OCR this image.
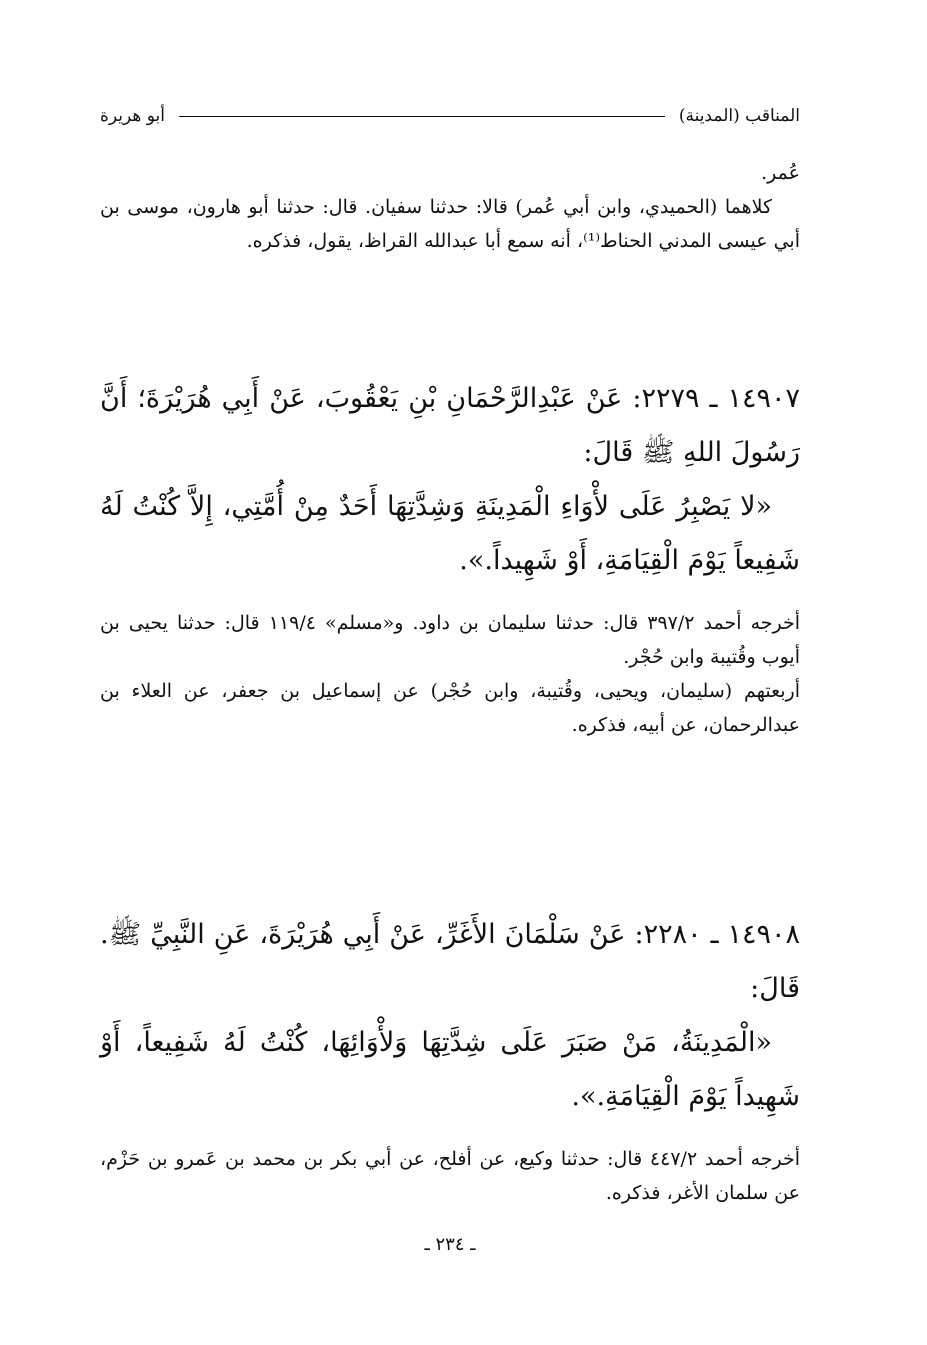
المناقب (المدينة)
أبو هريرة

عُمر.

كلاهما (الحميدي، وابن أبي عُمر) قالا: حدثنا سفيان. قال: حدثنا أبو هارون، موسى بن أبي عيسى المدني الحناط⁽¹⁾، أنه سمع أبا عبدالله القراظ، يقول، فذكره.

١٤٩٠٧ ـ ٢٢٧٩: عَنْ عَبْدِالرَّحْمَانِ بْنِ يَعْقُوبَ، عَنْ أَبِي هُرَيْرَةَ؛ أَنَّ رَسُولَ اللهِ ﷺ قَالَ:

«لا يَصْبِرُ عَلَى لأْوَاءِ الْمَدِينَةِ وَشِدَّتِهَا أَحَدٌ مِنْ أُمَّتِي، إِلاَّ كُنْتُ لَهُ شَفِيعاً يَوْمَ الْقِيَامَةِ، أَوْ شَهِيداً.».

أخرجه أحمد ٣٩٧/٢ قال: حدثنا سليمان بن داود. و«مسلم» ١١٩/٤ قال: حدثنا يحيى بن أيوب وقُتيبة وابن حُجْر.

أربعتهم (سليمان، ويحيى، وقُتيبة، وابن حُجْر) عن إسماعيل بن جعفر، عن العلاء بن عبدالرحمان، عن أبيه، فذكره.

١٤٩٠٨ ـ ٢٢٨٠: عَنْ سَلْمَانَ الأَغَرِّ، عَنْ أَبِي هُرَيْرَةَ، عَنِ النَّبِيِّ ﷺ. قَالَ:

«الْمَدِينَةُ، مَنْ صَبَرَ عَلَى شِدَّتِهَا وَلأْوَائِهَا، كُنْتُ لَهُ شَفِيعاً، أَوْ شَهِيداً يَوْمَ الْقِيَامَةِ.».

أخرجه أحمد ٤٤٧/٢ قال: حدثنا وكيع، عن أفلح، عن أبي بكر بن محمد بن عَمرو بن حَزْم، عن سلمان الأغر، فذكره.

ـ ٢٣٤ ـ
